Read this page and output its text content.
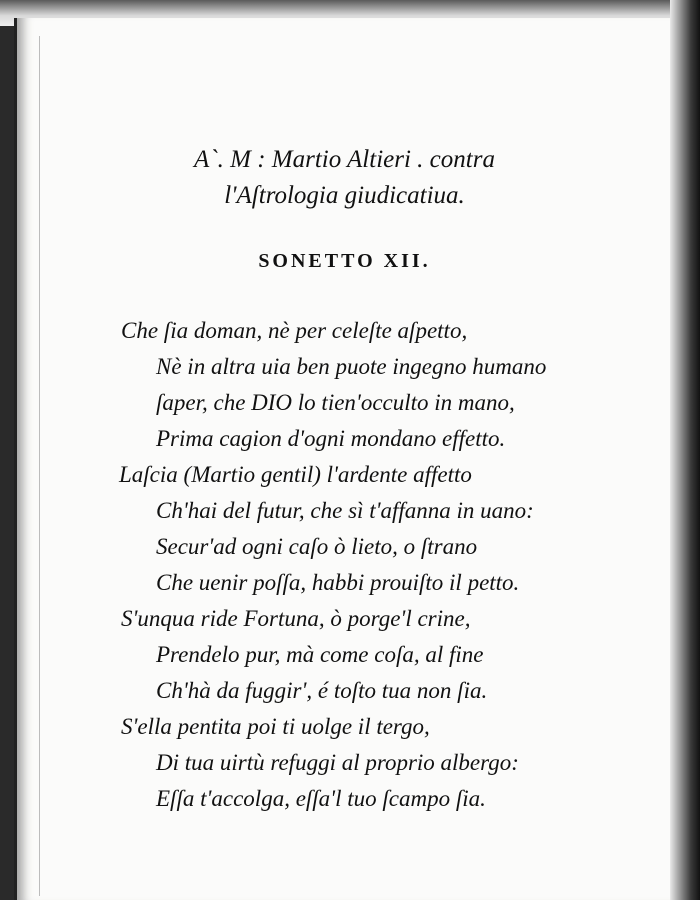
A`. M : Martio Altieri . contra
l'Aſtrologia giudicatiua.
SONETTO XII.
Che ſia doman, nè per celeſte aſpetto,
Nè in altra uia ben puote ingegno humano
ſaper, che DIO lo tien'occulto in mano,
Prima cagion d'ogni mondano effetto.
Laſcia (Martio gentil) l'ardente affetto
Ch'hai del futur, che sì t'affanna in uano:
Secur'ad ogni caſo ò lieto, o ſtrano
Che uenir poſſa, habbi prouiſto il petto.
S'unqua ride Fortuna, ò porge'l crine,
Prendelo pur, mà come coſa, al fine
Ch'hà da fuggir', é toſto tua non ſia.
S'ella pentita poi ti uolge il tergo,
Di tua uirtù refuggi al proprio albergo:
Eſſa t'accolga, eſſa'l tuo ſcampo ſia.
